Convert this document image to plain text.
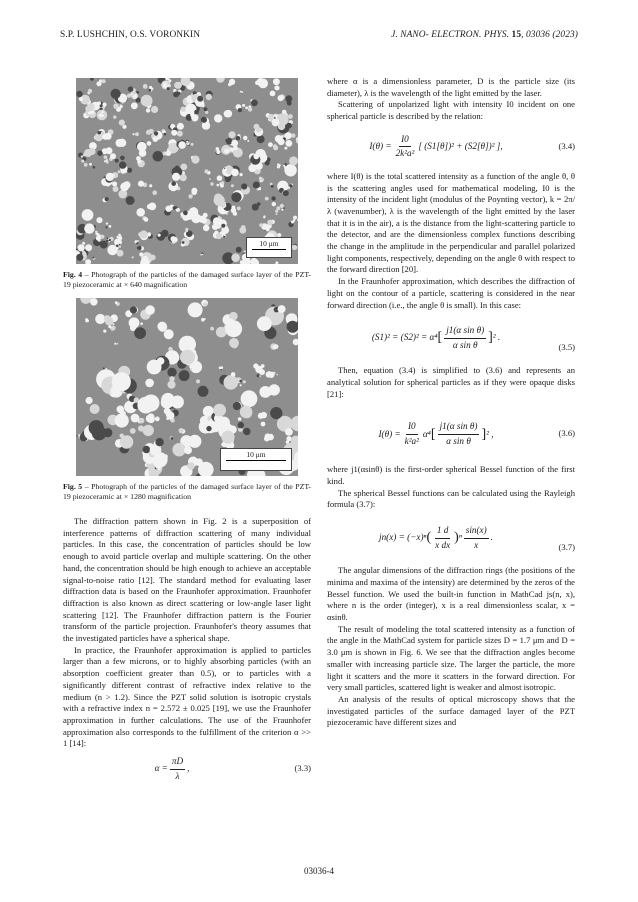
S.P. LUSHCHIN, O.S. VORONKIN	J. NANO- ELECTRON. PHYS. 15, 03036 (2023)
10 μm

Fig. 4 – Photograph of the particles of the damaged surface layer of the PZT-19 piezoceramic at × 640 magnification

10 μm

Fig. 5 – Photograph of the particles of the damaged surface layer of the PZT-19 piezoceramic at × 1280 magnification

The diffraction pattern shown in Fig. 2 is a superposition of interference patterns of diffraction scattering of many individual particles. In this case, the concentration of particles should be low enough to avoid particle overlap and multiple scattering. On the other hand, the concentration should be high enough to achieve an acceptable signal-to-noise ratio [12]. The standard method for evaluating laser diffraction data is based on the Fraunhofer approximation. Fraunhofer diffraction is also known as direct scattering or low-angle laser light scattering [12]. The Fraunhofer diffraction pattern is the Fourier transform of the particle projection. Fraunhofer's theory assumes that the investigated particles have a spherical shape.

In practice, the Fraunhofer approximation is applied to particles larger than a few microns, or to highly absorbing particles (with an absorption coefficient greater than 0.5), or to particles with a significantly different contrast of refractive index relative to the medium (n > 1.2). Since the PZT solid solution is isotropic crystals with a refractive index n = 2.572 ± 0.025 [19], we use the Fraunhofer approximation in further calculations. The use of the Fraunhofer approximation also corresponds to the fulfillment of the criterion α >> 1 [14]:

$\alpha = \frac{\pi D}{\lambda}$ ,	(3.3)

where α is a dimensionless parameter, D is the particle size (its diameter), λ is the wavelength of the light emitted by the laser.

Scattering of unpolarized light with intensity I0 incident on one spherical particle is described by the relation:

$I(\theta) = \frac{I0}{\text{2k²a²}}$ [ (S1[θ])² + (S2[θ])² ],	(3.4)

where I(θ) is the total scattered intensity as a function of the angle θ, θ is the scattering angles used for mathematical modeling, I0 is the intensity of the incident light (modulus of the Poynting vector), k = 2π/λ (wavenumber), λ is the wavelength of the light emitted by the laser that it is in the air), a is the distance from the light-scattering particle to the detector, and are the dimensionless complex functions describing the change in the amplitude in the perpendicular and parallel polarized light components, respectively, depending on the angle θ with respect to the forward direction [20].

In the Fraunhofer approximation, which describes the diffraction of light on the contour of a particle, scattering is considered in the near forward direction (i.e., the angle θ is small). In this case:

(S1)² = (S2)² = α⁴ [ $\frac{\text{j1(α sin θ)}}{\text{α sin θ}}$ ] ² .
(3.5)

Then, equation (3.4) is simplified to (3.6) and represents an analytical solution for spherical particles as if they were opaque disks [21]:

$I(\theta) = \frac{I0}{\text{k²a²}} \alpha^4$ [ $\frac{\text{j1(α sin θ)}}{\text{α sin θ}}$ ] ² ,	(3.6)

where j1(αsinθ) is the first-order spherical Bessel function of the first kind.

The spherical Bessel functions can be calculated using the Rayleigh formula (3.7):

jn(x) = (−x)ⁿ ( $\frac{1 d}{\text{x dx}}$ ) ⁿ $\frac{\sin(x)}{x}$ .
(3.7)

The angular dimensions of the diffraction rings (the positions of the minima and maxima of the intensity) are determined by the zeros of the Bessel function. We used the built-in function in MathCad js(n, x), where n is the order (integer), x is a real dimensionless scalar, x = αsinθ.

The result of modeling the total scattered intensity as a function of the angle in the MathCad system for particle sizes D = 1.7 μm and D = 3.0 μm is shown in Fig. 6. We see that the diffraction angles become smaller with increasing particle size. The larger the particle, the more light it scatters and the more it scatters in the forward direction. For very small particles, scattered light is weaker and almost isotropic.

An analysis of the results of optical microscopy shows that the investigated particles of the surface damaged layer of the PZT piezoceramic have different sizes and

03036-4
